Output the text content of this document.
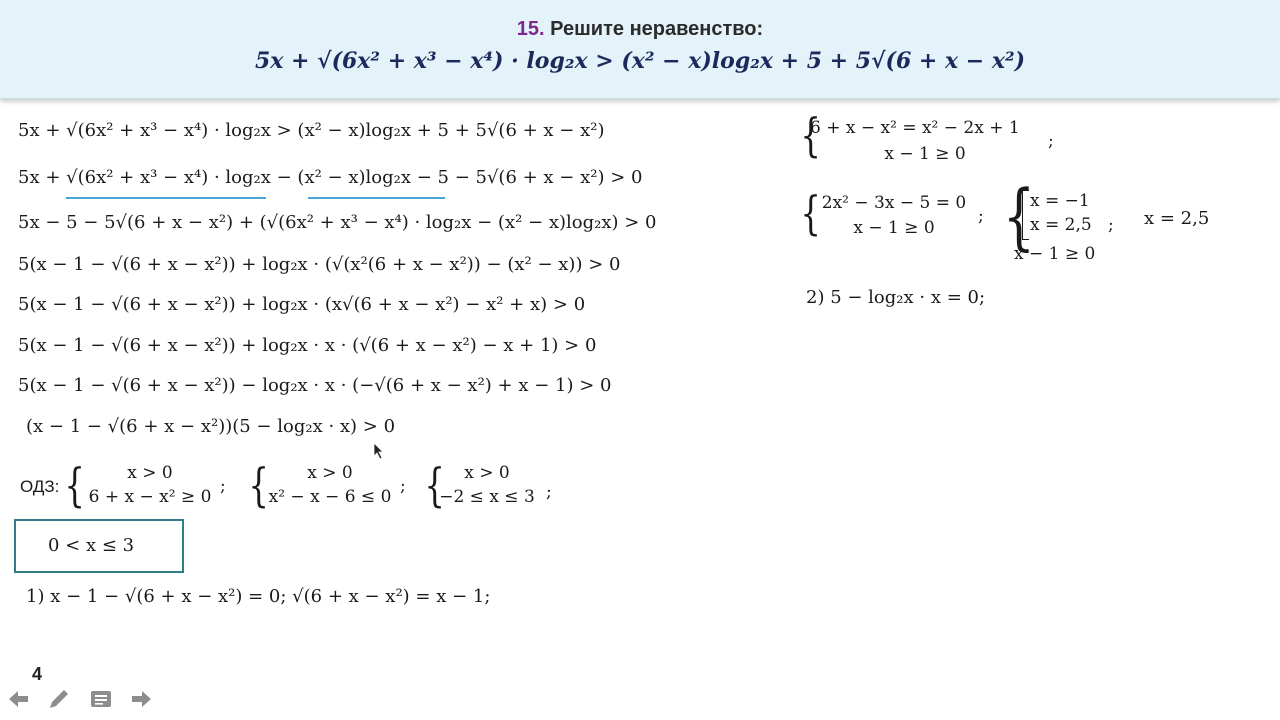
15. Решите неравенство:
5x + √(6x² + x³ − x⁴) · log₂x > (x² − x)log₂x + 5 + 5√(6 + x − x²)
5x + √(6x² + x³ − x⁴) · log₂x > (x² − x)log₂x + 5 + 5√(6 + x − x²)
5x + √(6x² + x³ − x⁴) · log₂x − (x² − x)log₂x − 5 − 5√(6 + x − x²) > 0
5x − 5 − 5√(6 + x − x²) + (√(6x² + x³ − x⁴) · log₂x − (x² − x)log₂x) > 0
5(x − 1 − √(6 + x − x²)) + log₂x · (√(x²(6 + x − x²)) − (x² − x)) > 0
5(x − 1 − √(6 + x − x²)) + log₂x · (x√(6 + x − x²) − x² + x) > 0
5(x − 1 − √(6 + x − x²)) + log₂x · x · (√(6 + x − x²) − x + 1) > 0
5(x − 1 − √(6 + x − x²)) − log₂x · x · (−√(6 + x − x²) + x − 1) > 0
(x − 1 − √(6 + x − x²))(5 − log₂x · x) > 0
ОДЗ: {	x > 0
6 + x − x² ≥ 0
; {	x > 0
x² − x − 6 ≤ 0
; {	x > 0
−2 ≤ x ≤ 3 ;
0 < x ≤ 3
1) x − 1 − √(6 + x − x²) = 0; √(6 + x − x²) = x − 1;
{
6 + x − x² = x² − 2x + 1
x − 1 ≥ 0
;
{ 2x² − 3x − 5 = 0
x − 1 ≥ 0
; {
x = −1
x = 2,5 ;
x − 1 ≥ 0
x = 2,5
2) 5 − log₂x · x = 0;
4
